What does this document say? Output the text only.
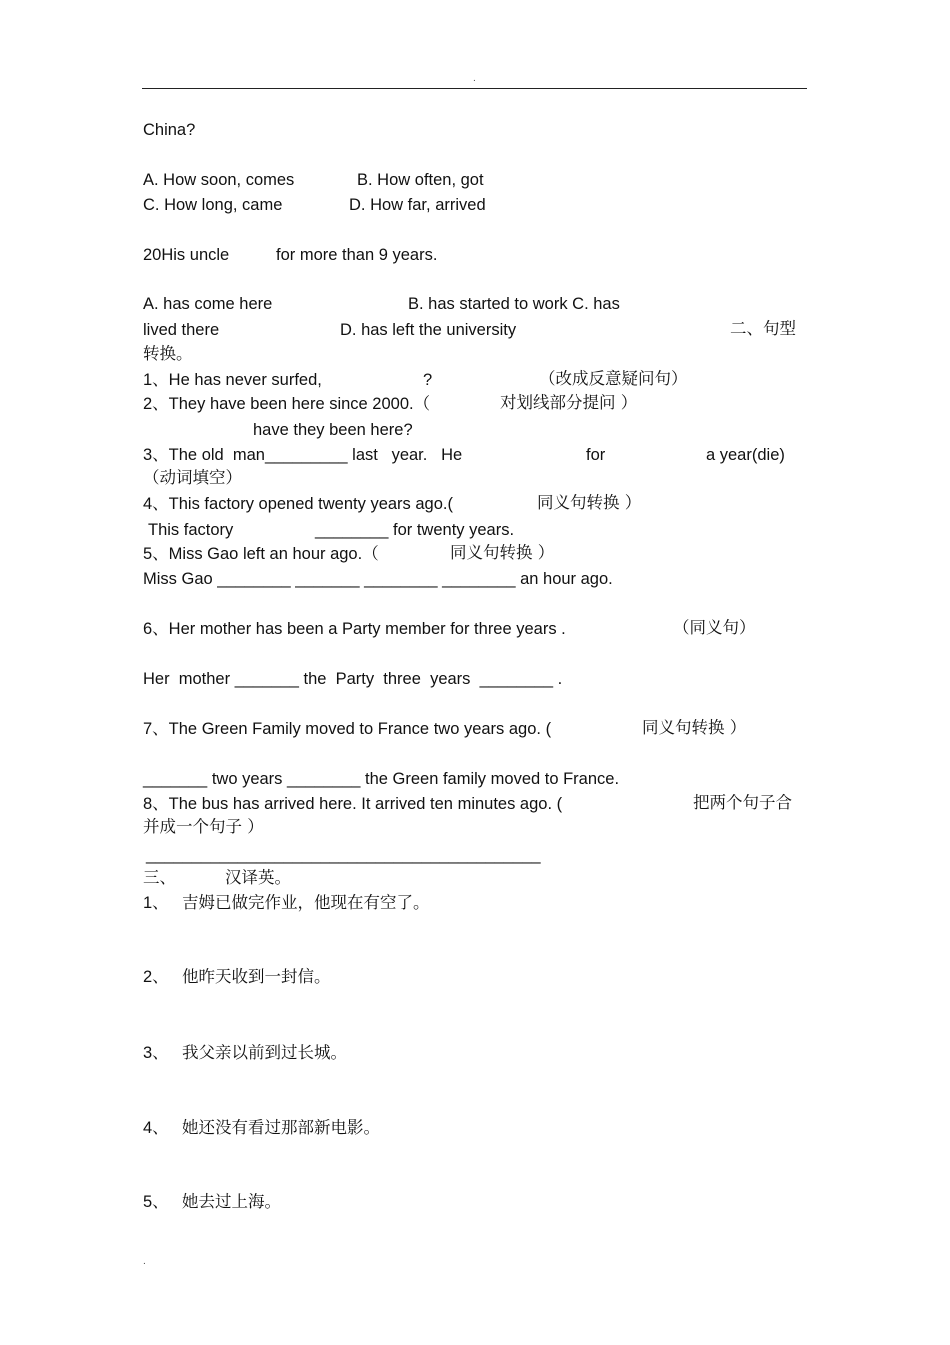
.
China?
A. How soon, comes	B. How often, got
C. How long, came	D. How far, arrived
20His uncle	for more than 9 years.
A. has come here	B. has started to work C. has
lived there	D. has left the university	二、句型
转换。
1、He has never surfed,	?	（改成反意疑问句）
2、They have been here since 2000.（	对划线部分提问 ）
have they been here?
3、The old  man_________ last   year.   He	for	a year(die)
（动词填空）
4、This factory opened twenty years ago.(	同义句转换 ）
This factory	________ for twenty years.
5、Miss Gao left an hour ago.（	同义句转换 ）
Miss Gao ________ _______ ________ ________ an hour ago.
6、Her mother has been a Party member for three years .	（同义句）
Her  mother _______ the  Party  three  years  ________ .
7、The Green Family moved to France two years ago. (	同义句转换 ）
_______ two years ________ the Green family moved to France.
8、The bus has arrived here. It arrived ten minutes ago. (	把两个句子合
并成一个句子 ）
___________________________________________
三、	汉译英。
1、 吉姆已做完作业，他现在有空了。
2、 他昨天收到一封信。
3、 我父亲以前到过长城。
4、 她还没有看过那部新电影。
5、 她去过上海。
.
